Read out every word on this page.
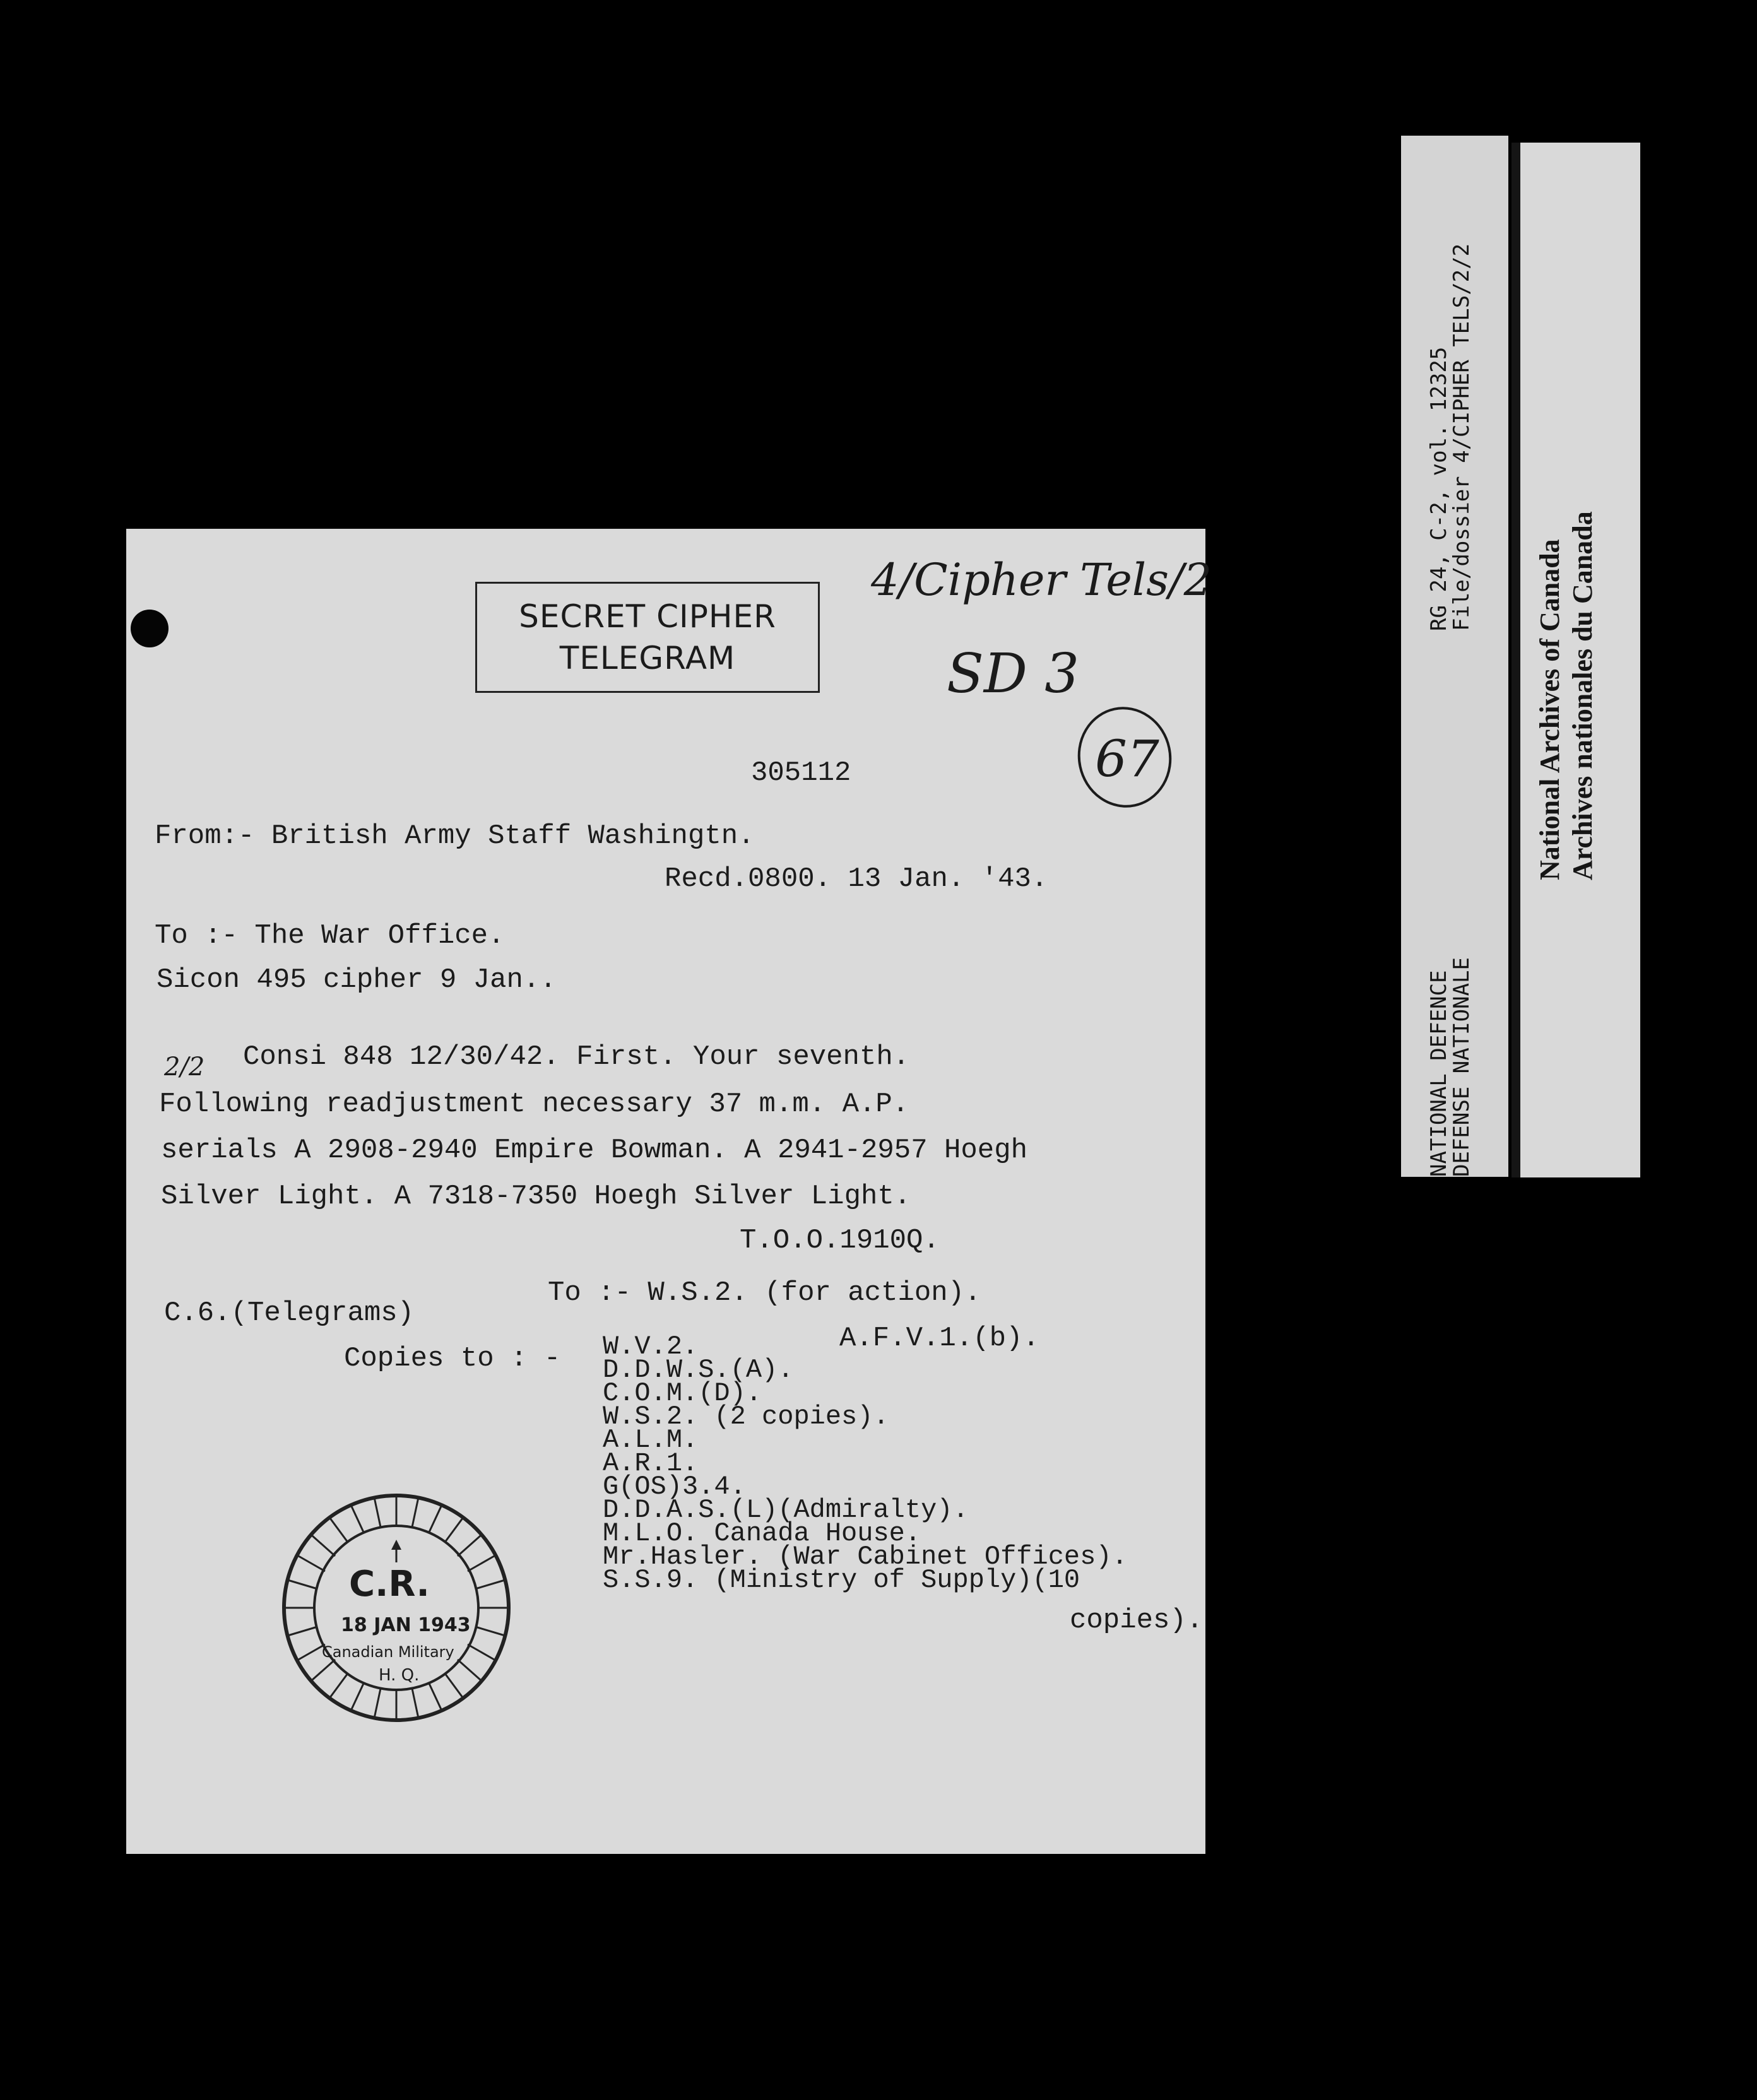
SECRET CIPHER
TELEGRAM
4/Cipher Tels/2
SD 3
67
305112
From:- British Army Staff Washingtn.
Recd.0800. 13 Jan. '43.
To :- The War Office.
Sicon 495 cipher 9 Jan..
2/2 Consi 848 12/30/42. First. Your seventh.
Following readjustment necessary 37 m.m. A.P.
serials A 2908-2940 Empire Bowman. A 2941-2957 Hoegh
Silver Light. A 7318-7350 Hoegh Silver Light.
T.O.O.1910Q.
C.6.(Telegrams)
To :- W.S.2. (for action).
Copies to : -
A.F.V.1.(b).
W.V.2.
D.D.W.S.(A).
C.O.M.(D).
W.S.2. (2 copies).
A.L.M.
A.R.1.
G(OS)3.4.
D.D.A.S.(L)(Admiralty).
M.L.O. Canada House.
Mr.Hasler. (War Cabinet Offices).
S.S.9. (Ministry of Supply)(10
copies).
C.R.
18 JAN 1943
Canadian Military
H. Q.
NATIONAL DEFENCE
DEFENSE NATIONALE
RG 24, C-2, vol. 12325
File/dossier 4/CIPHER TELS/2/2
National Archives of Canada Archives nationales du Canada
